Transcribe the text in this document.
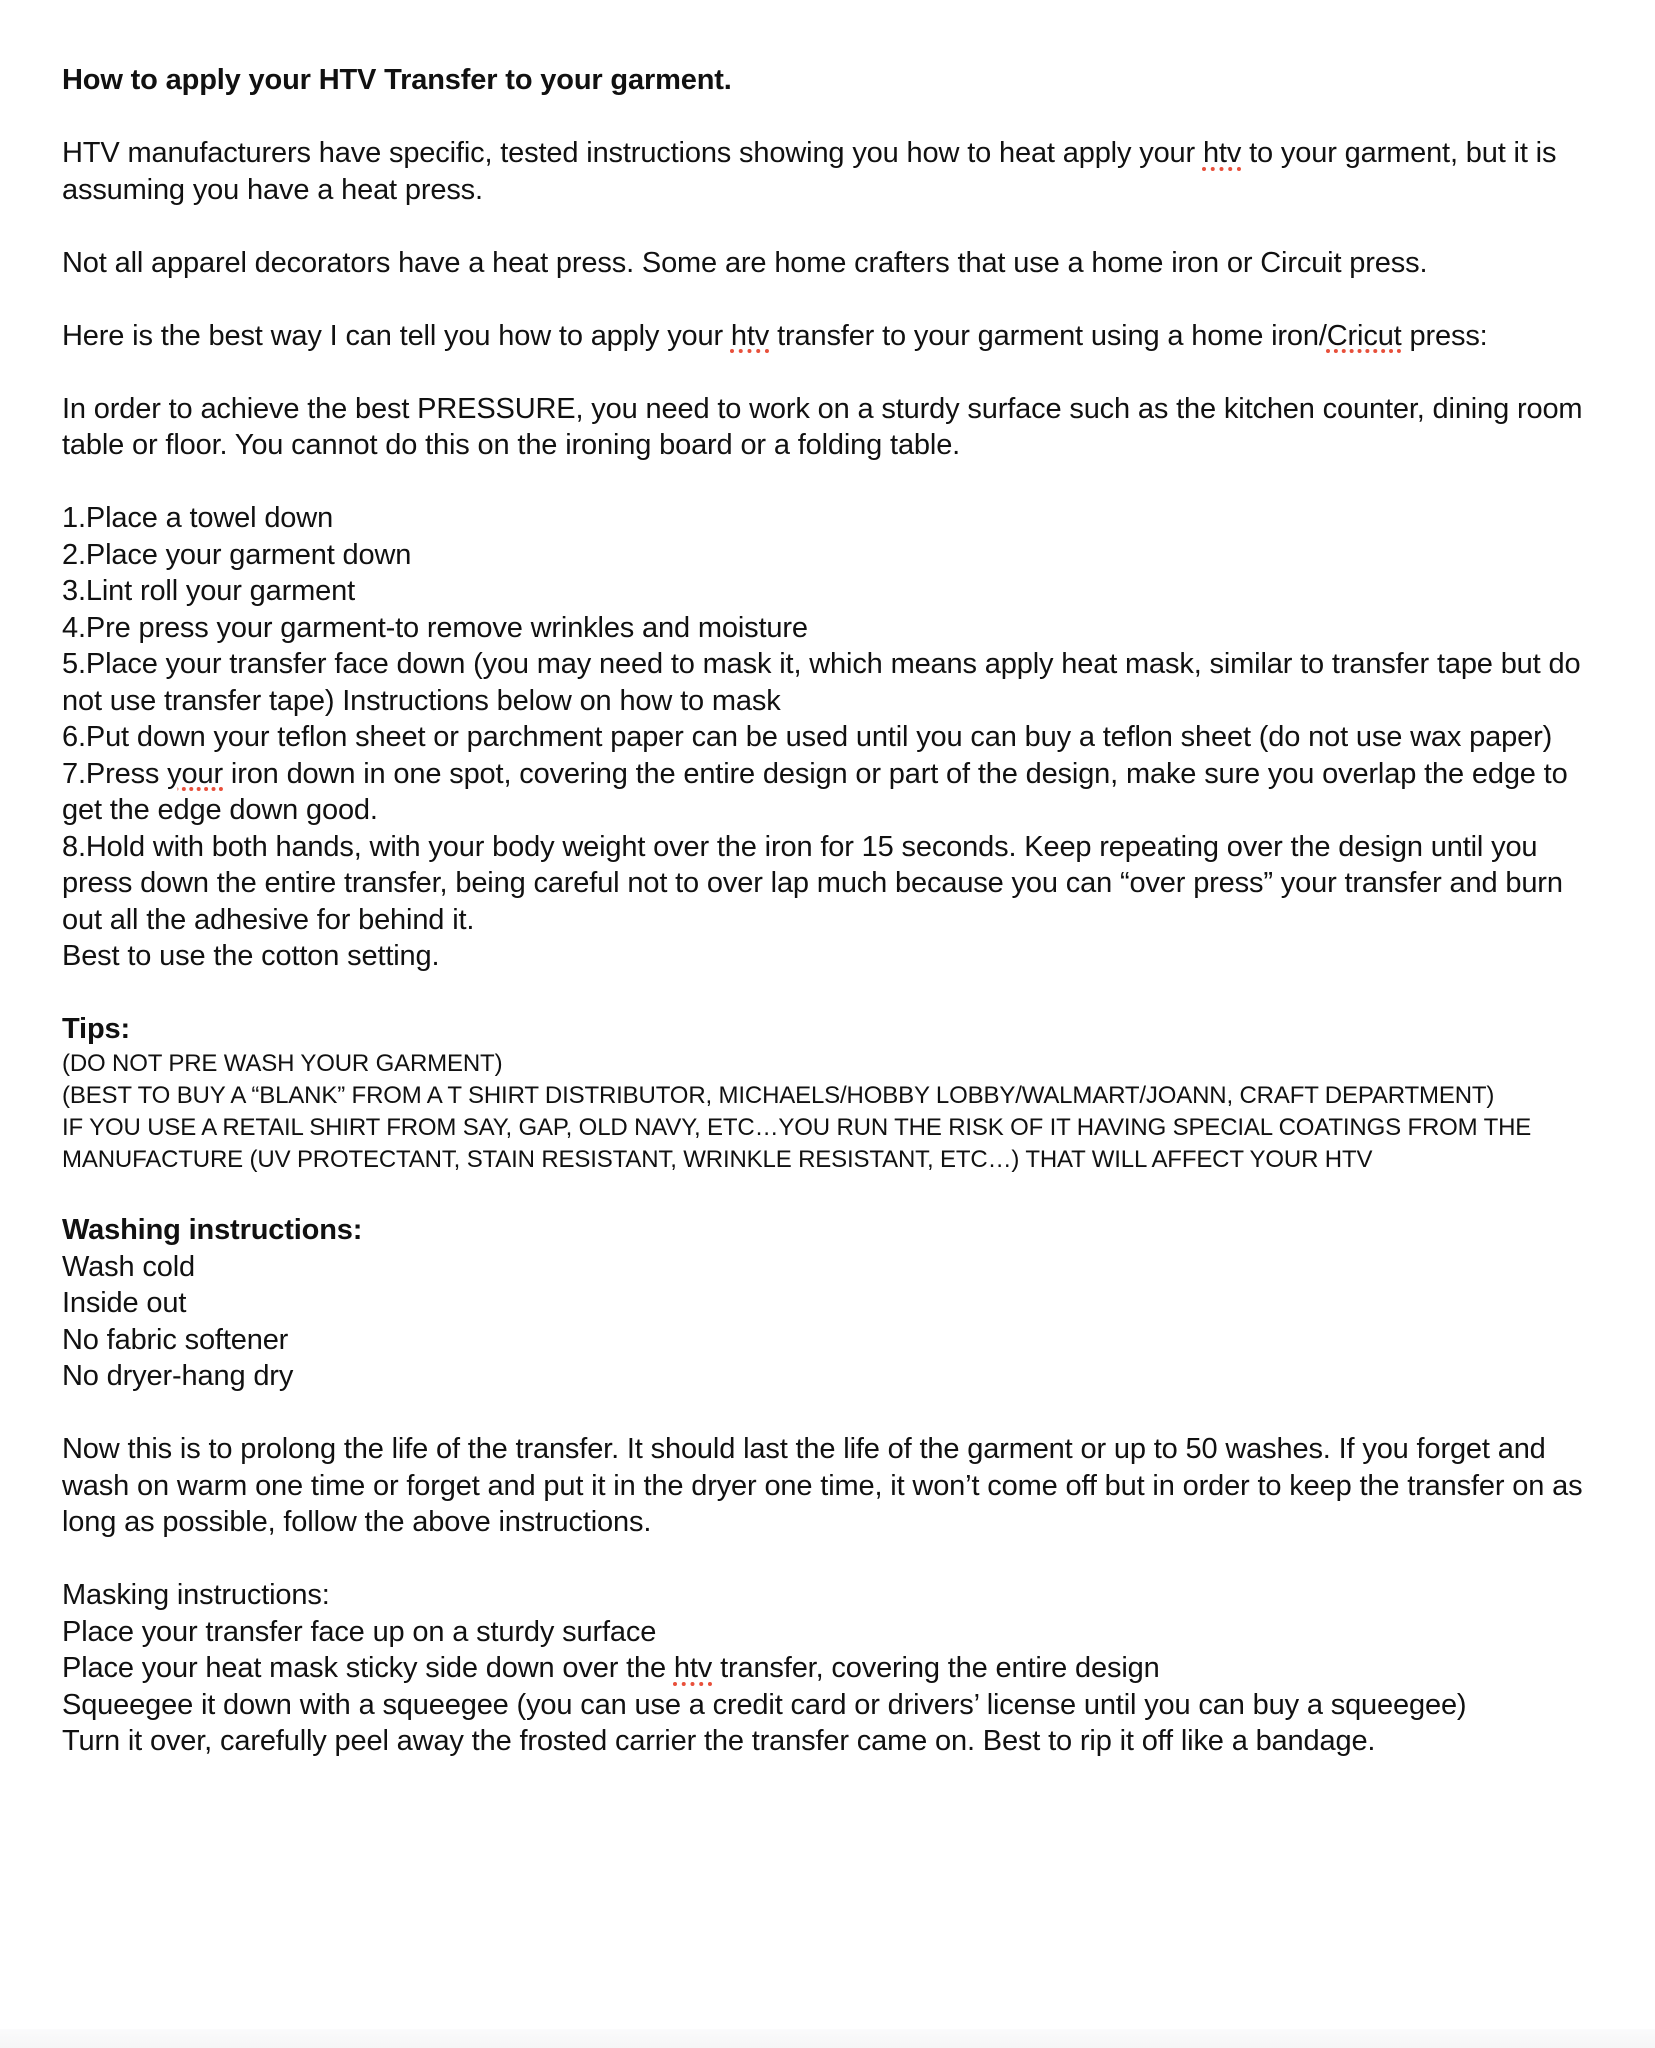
How to apply your HTV Transfer to your garment.
HTV manufacturers have specific, tested instructions showing you how to heat apply your htv to your garment, but it is assuming you have a heat press.
Not all apparel decorators have a heat press. Some are home crafters that use a home iron or Circuit press.
Here is the best way I can tell you how to apply your htv transfer to your garment using a home iron/Cricut press:
In order to achieve the best PRESSURE, you need to work on a sturdy surface such as the kitchen counter, dining room table or floor. You cannot do this on the ironing board or a folding table.
1.Place a towel down
2.Place your garment down
3.Lint roll your garment
4.Pre press your garment-to remove wrinkles and moisture
5.Place your transfer face down (you may need to mask it, which means apply heat mask, similar to transfer tape but do not use transfer tape) Instructions below on how to mask
6.Put down your teflon sheet or parchment paper can be used until you can buy a teflon sheet (do not use wax paper)
7.Press your iron down in one spot, covering the entire design or part of the design, make sure you overlap the edge to get the edge down good.
8.Hold with both hands, with your body weight over the iron for 15 seconds. Keep repeating over the design until you press down the entire transfer, being careful not to over lap much because you can “over press” your transfer and burn out all the adhesive for behind it.
Best to use the cotton setting.
Tips:
(DO NOT PRE WASH YOUR GARMENT)
(BEST TO BUY A “BLANK” FROM A T SHIRT DISTRIBUTOR, MICHAELS/HOBBY LOBBY/WALMART/JOANN, CRAFT DEPARTMENT)
IF YOU USE A RETAIL SHIRT FROM SAY, GAP, OLD NAVY, ETC…YOU RUN THE RISK OF IT HAVING SPECIAL COATINGS FROM THE MANUFACTURE (UV PROTECTANT, STAIN RESISTANT, WRINKLE RESISTANT, ETC…) THAT WILL AFFECT YOUR HTV
Washing instructions:
Wash cold
Inside out
No fabric softener
No dryer-hang dry
Now this is to prolong the life of the transfer. It should last the life of the garment or up to 50 washes. If you forget and wash on warm one time or forget and put it in the dryer one time, it won’t come off but in order to keep the transfer on as long as possible, follow the above instructions.
Masking instructions:
Place your transfer face up on a sturdy surface
Place your heat mask sticky side down over the htv transfer, covering the entire design
Squeegee it down with a squeegee (you can use a credit card or drivers’ license until you can buy a squeegee)
Turn it over, carefully peel away the frosted carrier the transfer came on. Best to rip it off like a bandage.
